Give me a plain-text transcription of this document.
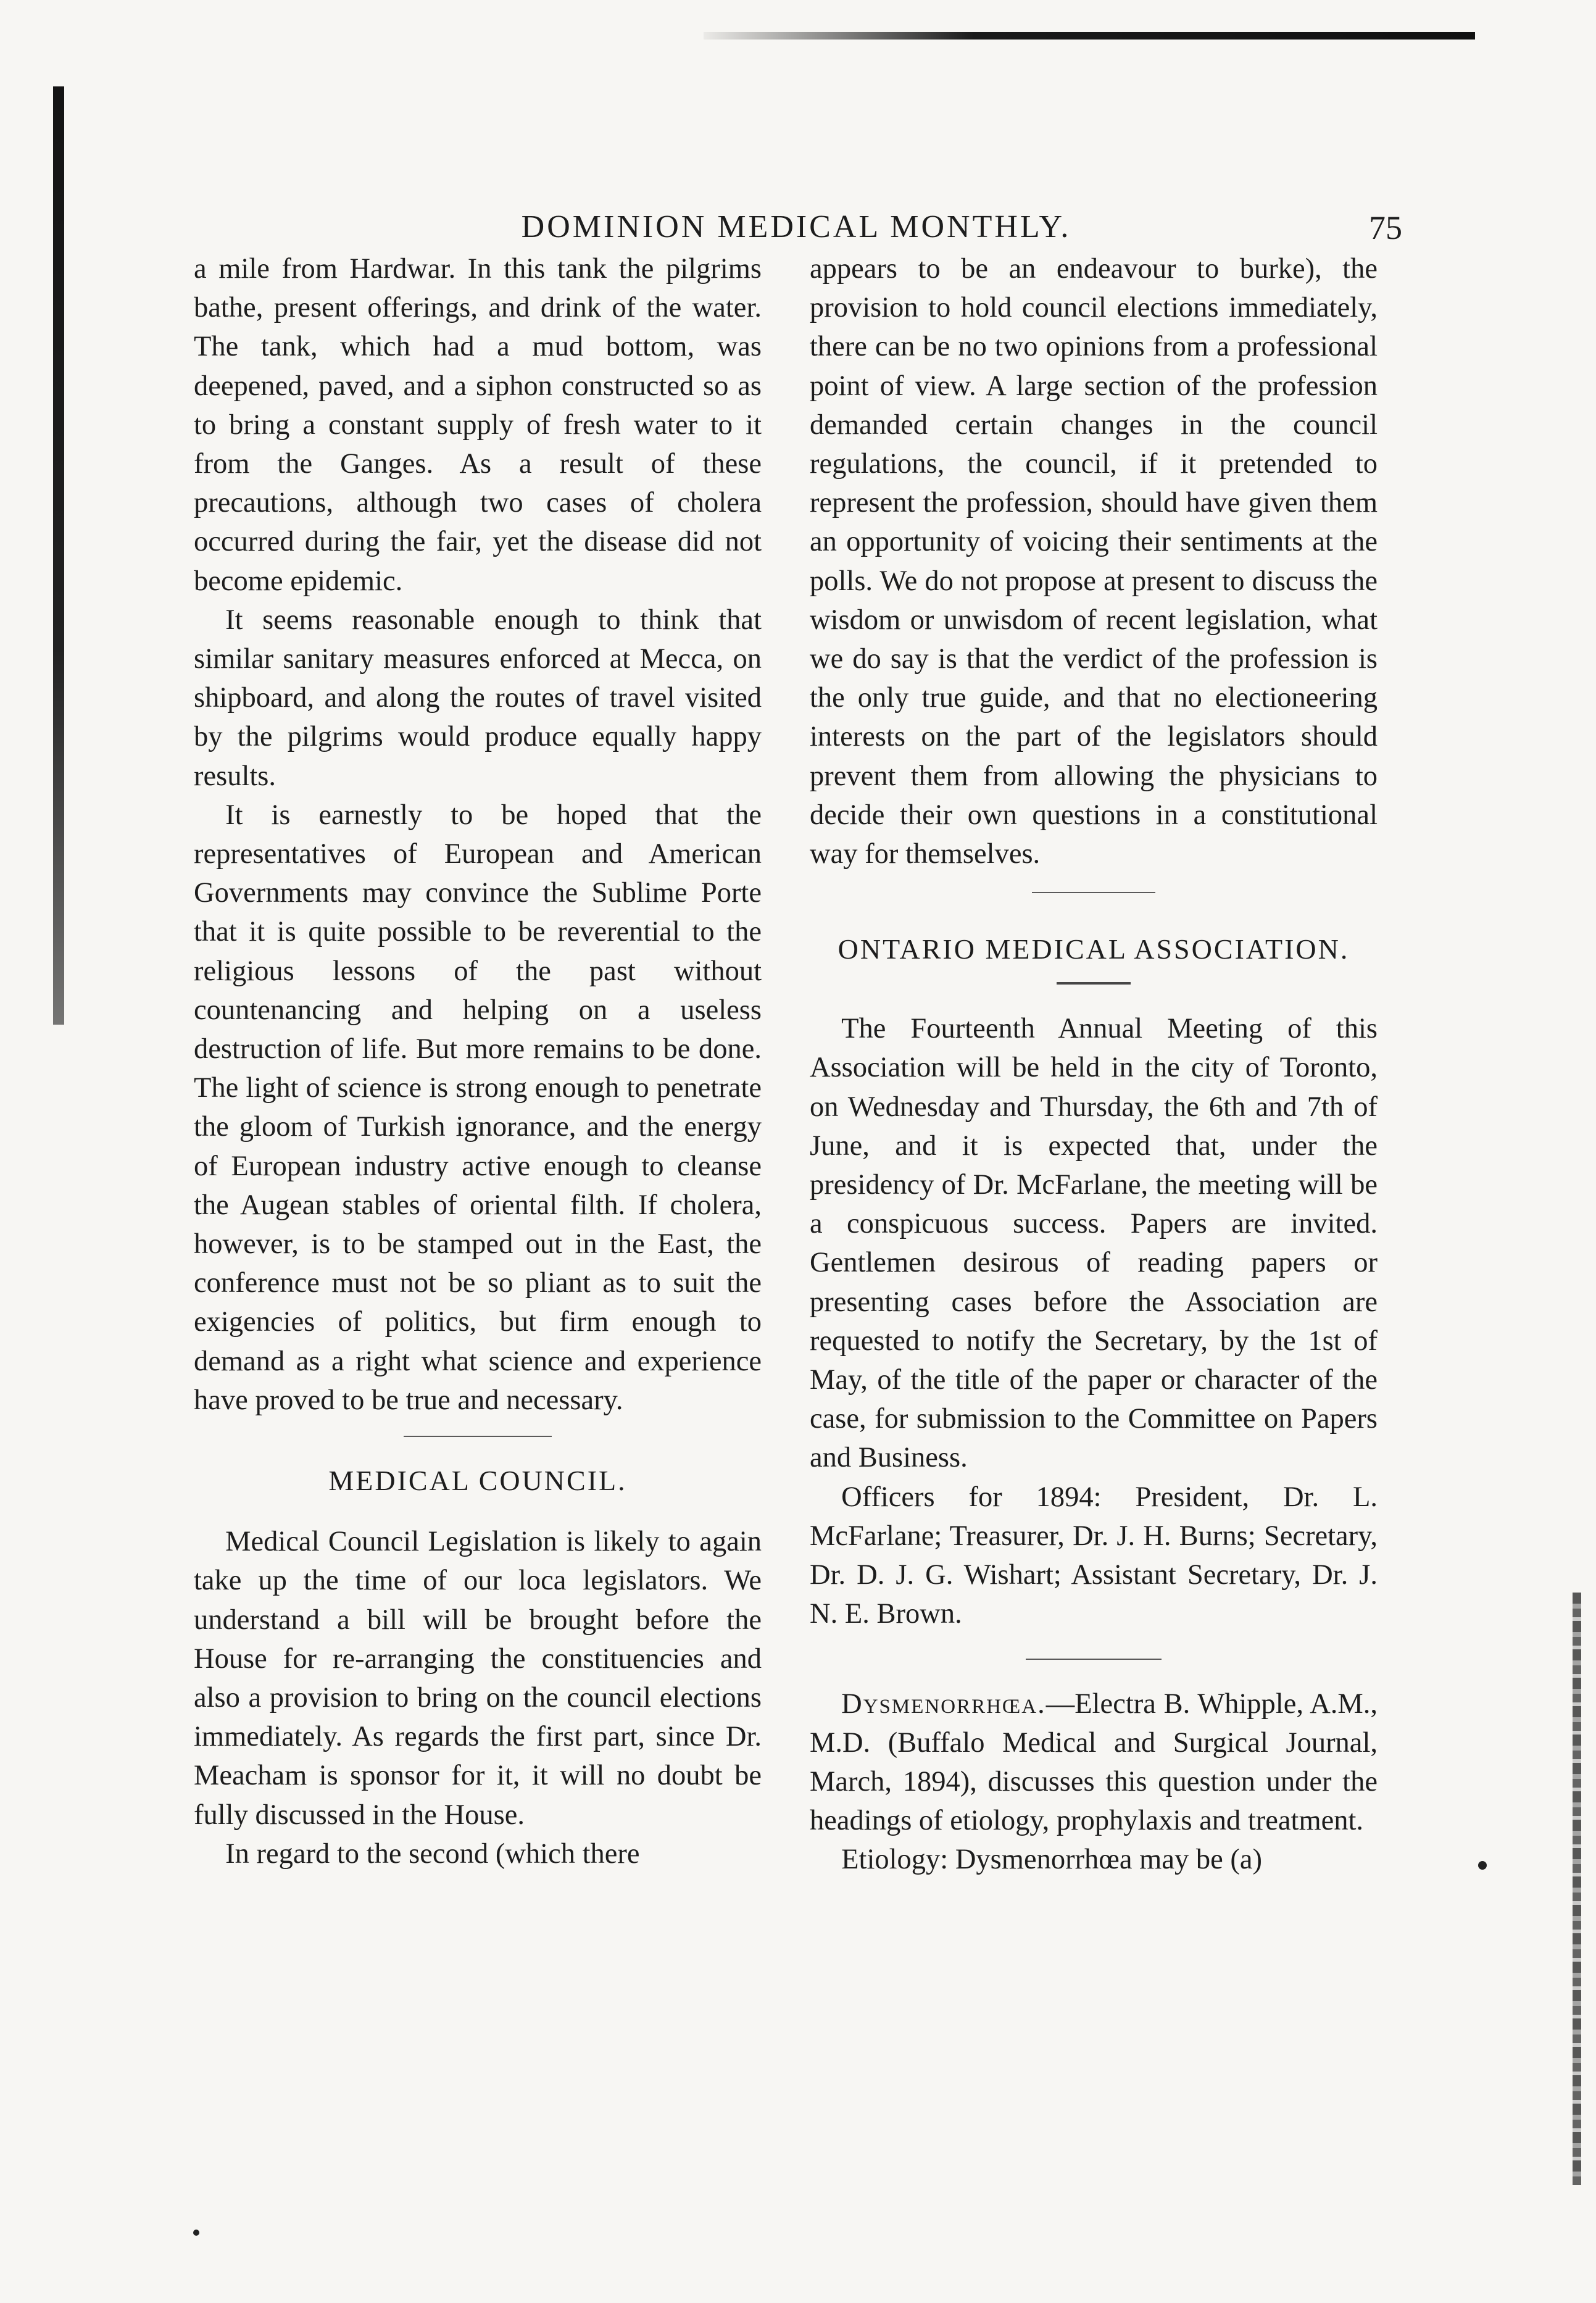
DOMINION MEDICAL MONTHLY.	75

a mile from Hardwar. In this tank the pilgrims bathe, present offerings, and drink of the water. The tank, which had a mud bottom, was deepened, paved, and a siphon constructed so as to bring a constant supply of fresh water to it from the Ganges. As a result of these precautions, although two cases of cholera occurred during the fair, yet the disease did not become epidemic.

It seems reasonable enough to think that similar sanitary measures enforced at Mecca, on shipboard, and along the routes of travel visited by the pilgrims would produce equally happy results.

It is earnestly to be hoped that the representatives of European and American Governments may convince the Sublime Porte that it is quite possible to be reverential to the religious lessons of the past without countenancing and helping on a useless destruction of life. But more remains to be done. The light of science is strong enough to penetrate the gloom of Turkish ignorance, and the energy of European industry active enough to cleanse the Augean stables of oriental filth. If cholera, however, is to be stamped out in the East, the conference must not be so pliant as to suit the exigencies of politics, but firm enough to demand as a right what science and experience have proved to be true and necessary.

MEDICAL COUNCIL.

Medical Council Legislation is likely to again take up the time of our loca legislators. We understand a bill will be brought before the House for re-arranging the constituencies and also a provision to bring on the council elections immediately. As regards the first part, since Dr. Meacham is sponsor for it, it will no doubt be fully discussed in the House.

In regard to the second (which there

appears to be an endeavour to burke), the provision to hold council elections immediately, there can be no two opinions from a professional point of view. A large section of the profession demanded certain changes in the council regulations, the council, if it pretended to represent the profession, should have given them an opportunity of voicing their sentiments at the polls. We do not propose at present to discuss the wisdom or unwisdom of recent legislation, what we do say is that the verdict of the profession is the only true guide, and that no electioneering interests on the part of the legislators should prevent them from allowing the physicians to decide their own questions in a constitutional way for themselves.

ONTARIO MEDICAL ASSOCIATION.

The Fourteenth Annual Meeting of this Association will be held in the city of Toronto, on Wednesday and Thursday, the 6th and 7th of June, and it is expected that, under the presidency of Dr. McFarlane, the meeting will be a conspicuous success. Papers are invited. Gentlemen desirous of reading papers or presenting cases before the Association are requested to notify the Secretary, by the 1st of May, of the title of the paper or character of the case, for submission to the Committee on Papers and Business.

Officers for 1894: President, Dr. L. McFarlane; Treasurer, Dr. J. H. Burns; Secretary, Dr. D. J. G. Wishart; Assistant Secretary, Dr. J. N. E. Brown.

Dysmenorrhœa.—Electra B. Whipple, A.M., M.D. (Buffalo Medical and Surgical Journal, March, 1894), discusses this question under the headings of etiology, prophylaxis and treatment.

Etiology: Dysmenorrhœa may be (a)
